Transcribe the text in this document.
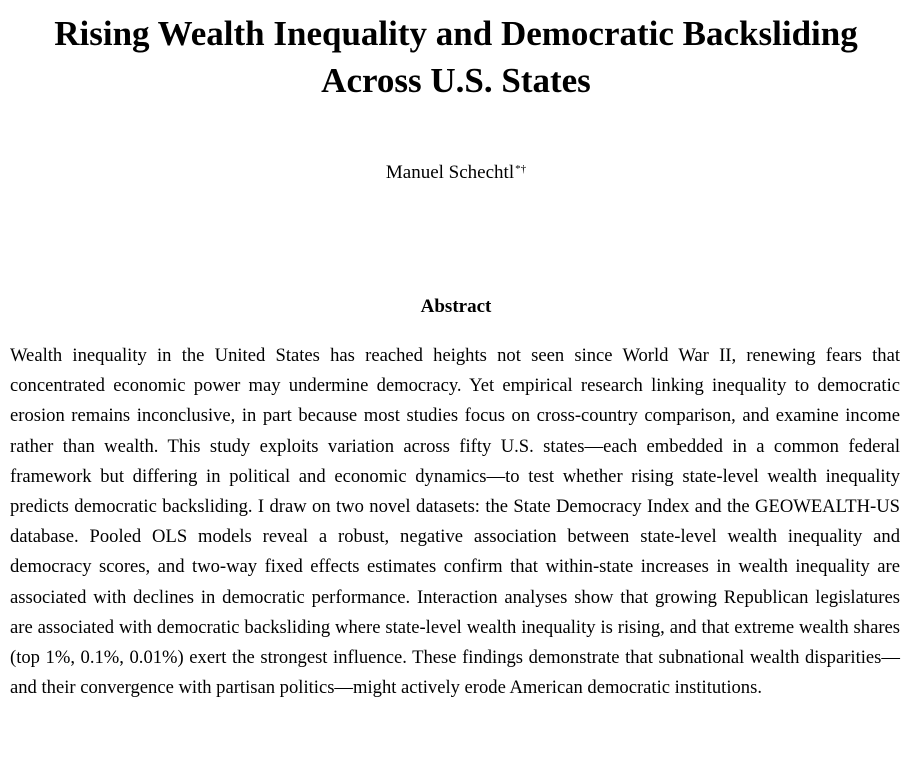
Rising Wealth Inequality and Democratic Backsliding
Across U.S. States
Manuel Schechtl*†
Abstract

Wealth inequality in the United States has reached heights not seen since World War II, renewing fears that concentrated economic power may undermine democracy. Yet empirical research linking inequality to democratic erosion remains inconclusive, in part because most studies focus on cross-country comparison, and examine income rather than wealth. This study exploits variation across fifty U.S. states—each embedded in a common federal framework but differing in political and economic dynamics—to test whether rising state-level wealth inequality predicts democratic backsliding. I draw on two novel datasets: the State Democracy Index and the GEOWEALTH-US database. Pooled OLS models reveal a robust, negative association between state-level wealth inequality and democracy scores, and two-way fixed effects estimates confirm that within-state increases in wealth inequality are associated with declines in democratic performance. Interaction analyses show that growing Republican legislatures are associated with democratic backsliding where state-level wealth inequality is rising, and that extreme wealth shares (top 1%, 0.1%, 0.01%) exert the strongest influence. These findings demonstrate that subnational wealth disparities—and their convergence with partisan politics—might actively erode American democratic institutions.
